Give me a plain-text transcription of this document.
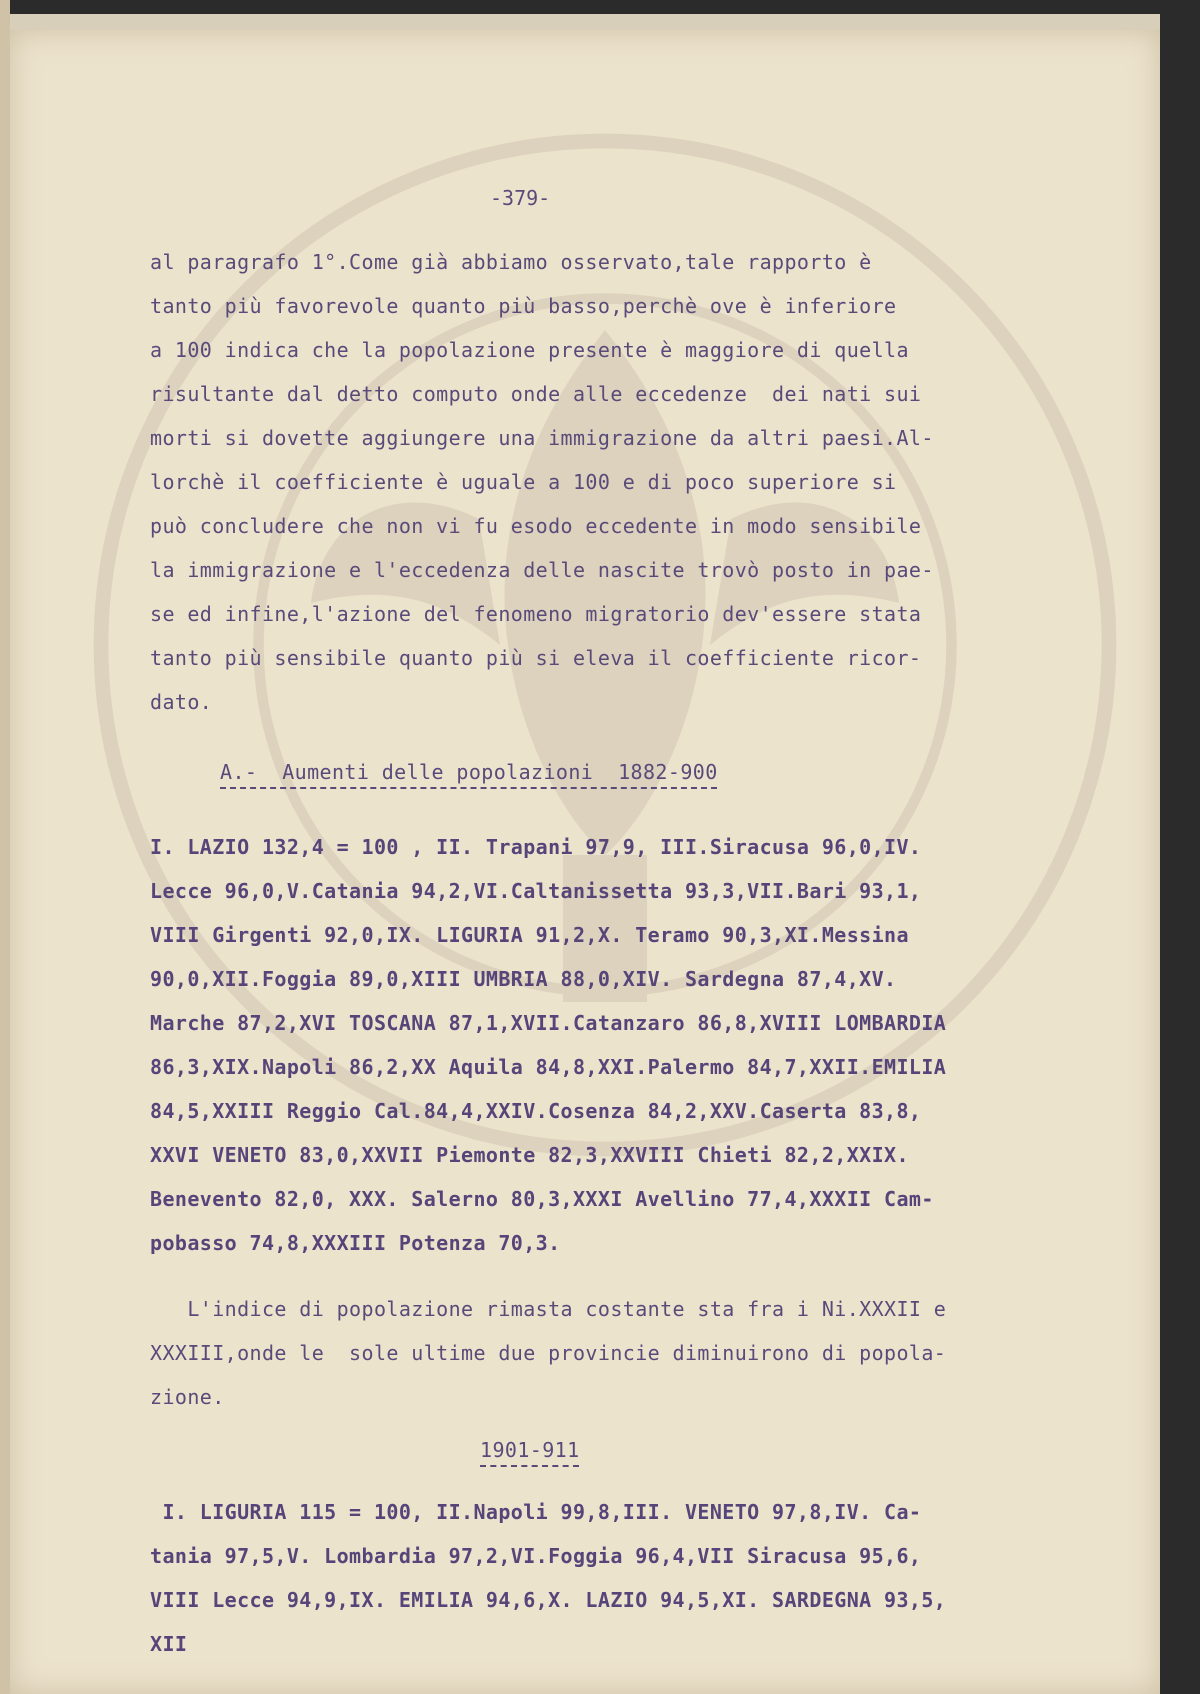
-379-
al paragrafo 1°.Come già abbiamo osservato,tale rapporto è
tanto più favorevole quanto più basso,perchè ove è inferiore
a 100 indica che la popolazione presente è maggiore di quella
risultante dal detto computo onde alle eccedenze  dei nati sui
morti si dovette aggiungere una immigrazione da altri paesi.Al-
lorchè il coefficiente è uguale a 100 e di poco superiore si
può concludere che non vi fu esodo eccedente in modo sensibile
la immigrazione e l'eccedenza delle nascite trovò posto in pae-
se ed infine,l'azione del fenomeno migratorio dev'essere stata
tanto più sensibile quanto più si eleva il coefficiente ricor-
dato.
A.-  Aumenti delle popolazioni  1882-900
I. LAZIO 132,4 = 100 , II. Trapani 97,9, III.Siracusa 96,0,IV.
Lecce 96,0,V.Catania 94,2,VI.Caltanissetta 93,3,VII.Bari 93,1,
VIII Girgenti 92,0,IX. LIGURIA 91,2,X. Teramo 90,3,XI.Messina
90,0,XII.Foggia 89,0,XIII UMBRIA 88,0,XIV. Sardegna 87,4,XV.
Marche 87,2,XVI TOSCANA 87,1,XVII.Catanzaro 86,8,XVIII LOMBARDIA
86,3,XIX.Napoli 86,2,XX Aquila 84,8,XXI.Palermo 84,7,XXII.EMILIA
84,5,XXIII Reggio Cal.84,4,XXIV.Cosenza 84,2,XXV.Caserta 83,8,
XXVI VENETO 83,0,XXVII Piemonte 82,3,XXVIII Chieti 82,2,XXIX.
Benevento 82,0, XXX. Salerno 80,3,XXXI Avellino 77,4,XXXII Cam-
pobasso 74,8,XXXIII Potenza 70,3.
L'indice di popolazione rimasta costante sta fra i Ni.XXXII e
XXXIII,onde le  sole ultime due provincie diminuirono di popola-
zione.
1901-911
I. LIGURIA 115 = 100, II.Napoli 99,8,III. VENETO 97,8,IV. Ca-
tania 97,5,V. Lombardia 97,2,VI.Foggia 96,4,VII Siracusa 95,6,
VIII Lecce 94,9,IX. EMILIA 94,6,X. LAZIO 94,5,XI. SARDEGNA 93,5,
XII
